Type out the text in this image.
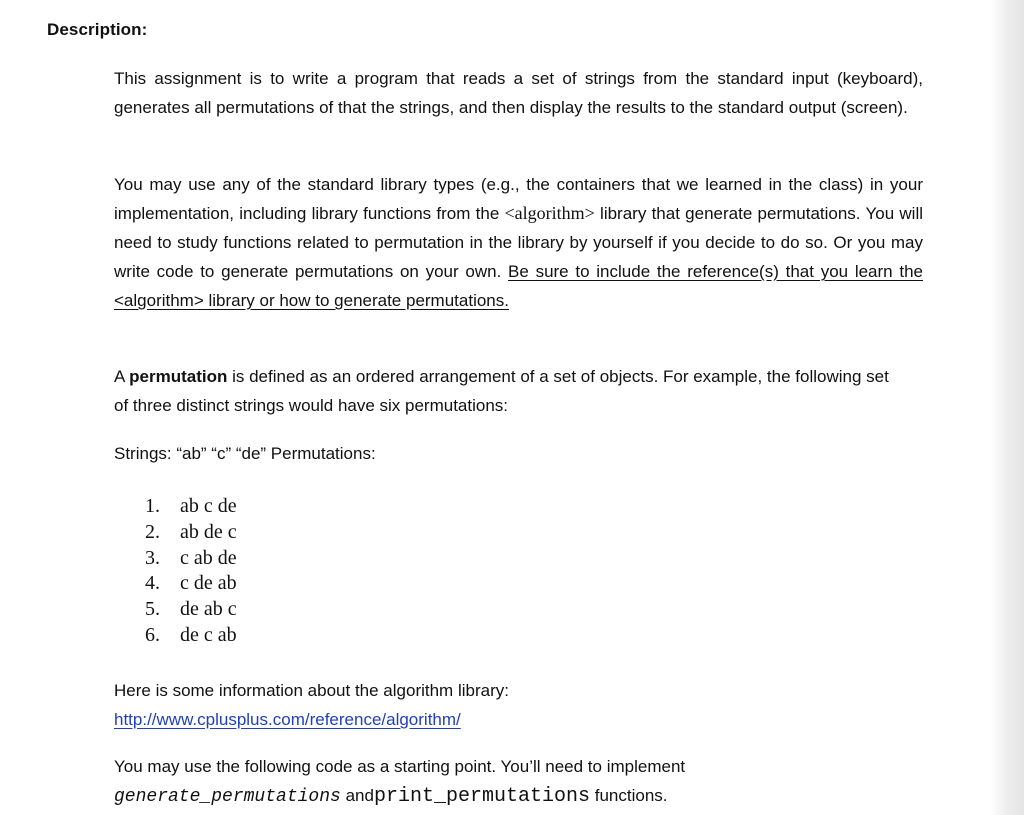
Description:
This assignment is to write a program that reads a set of strings from the standard input (keyboard), generates all permutations of that the strings, and then display the results to the standard output (screen).
You may use any of the standard library types (e.g., the containers that we learned in the class) in your implementation, including library functions from the <algorithm> library that generate permutations. You will need to study functions related to permutation in the library by yourself if you decide to do so. Or you may write code to generate permutations on your own. Be sure to include the reference(s) that you learn the <algorithm> library or how to generate permutations.
A permutation is defined as an ordered arrangement of a set of objects. For example, the following set of three distinct strings would have six permutations:
Strings: “ab” “c” “de” Permutations:
1.	ab c de
2.	ab de c
3.	c ab de
4.	c de ab
5.	de ab c
6.	de c ab
Here is some information about the algorithm library:
http://www.cplusplus.com/reference/algorithm/
You may use the following code as a starting point. You’ll need to implement
generate_permutations andprint_permutations functions.
